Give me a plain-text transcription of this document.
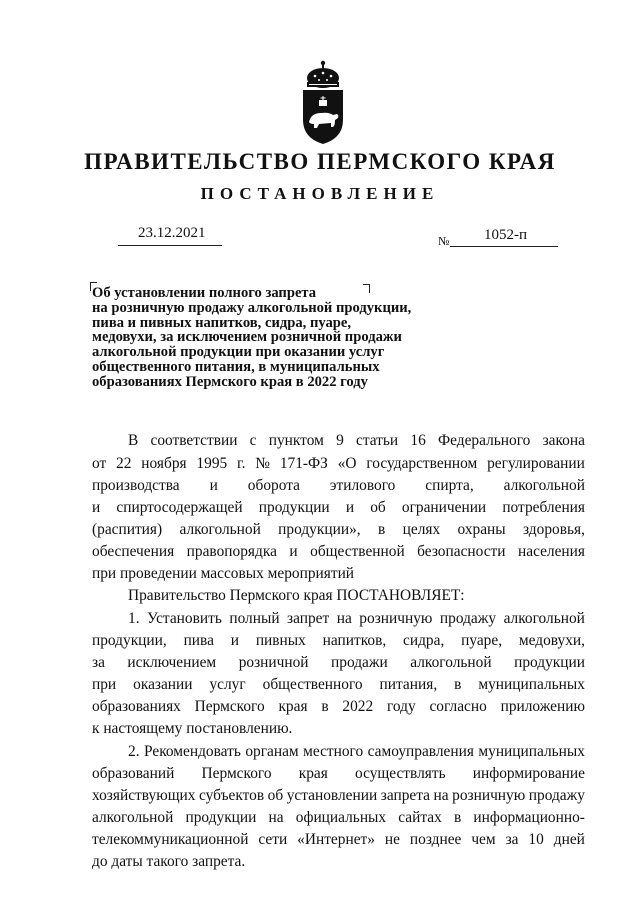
ПРАВИТЕЛЬСТВО ПЕРМСКОГО КРАЯ
ПОСТАНОВЛЕНИЕ
23.12.2021	№ 1052-п
Об установлении полного запрета
на розничную продажу алкогольной продукции,
пива и пивных напитков, сидра, пуаре,
медовухи, за исключением розничной продажи
алкогольной продукции при оказании услуг
общественного питания, в муниципальных
образованиях Пермского края в 2022 году
В соответствии с пунктом 9 статьи 16 Федерального закона
от 22 ноября 1995 г. № 171-ФЗ «О государственном регулировании
производства и оборота этилового спирта, алкогольной
и спиртосодержащей продукции и об ограничении потребления
(распития) алкогольной продукции», в целях охраны здоровья,
обеспечения правопорядка и общественной безопасности населения
при проведении массовых мероприятий
Правительство Пермского края ПОСТАНОВЛЯЕТ:
1. Установить полный запрет на розничную продажу алкогольной
продукции, пива и пивных напитков, сидра, пуаре, медовухи,
за исключением розничной продажи алкогольной продукции
при оказании услуг общественного питания, в муниципальных
образованиях Пермского края в 2022 году согласно приложению
к настоящему постановлению.
2. Рекомендовать органам местного самоуправления муниципальных
образований Пермского края осуществлять информирование
хозяйствующих субъектов об установлении запрета на розничную продажу
алкогольной продукции на официальных сайтах в информационно-
телекоммуникационной сети «Интернет» не позднее чем за 10 дней
до даты такого запрета.
